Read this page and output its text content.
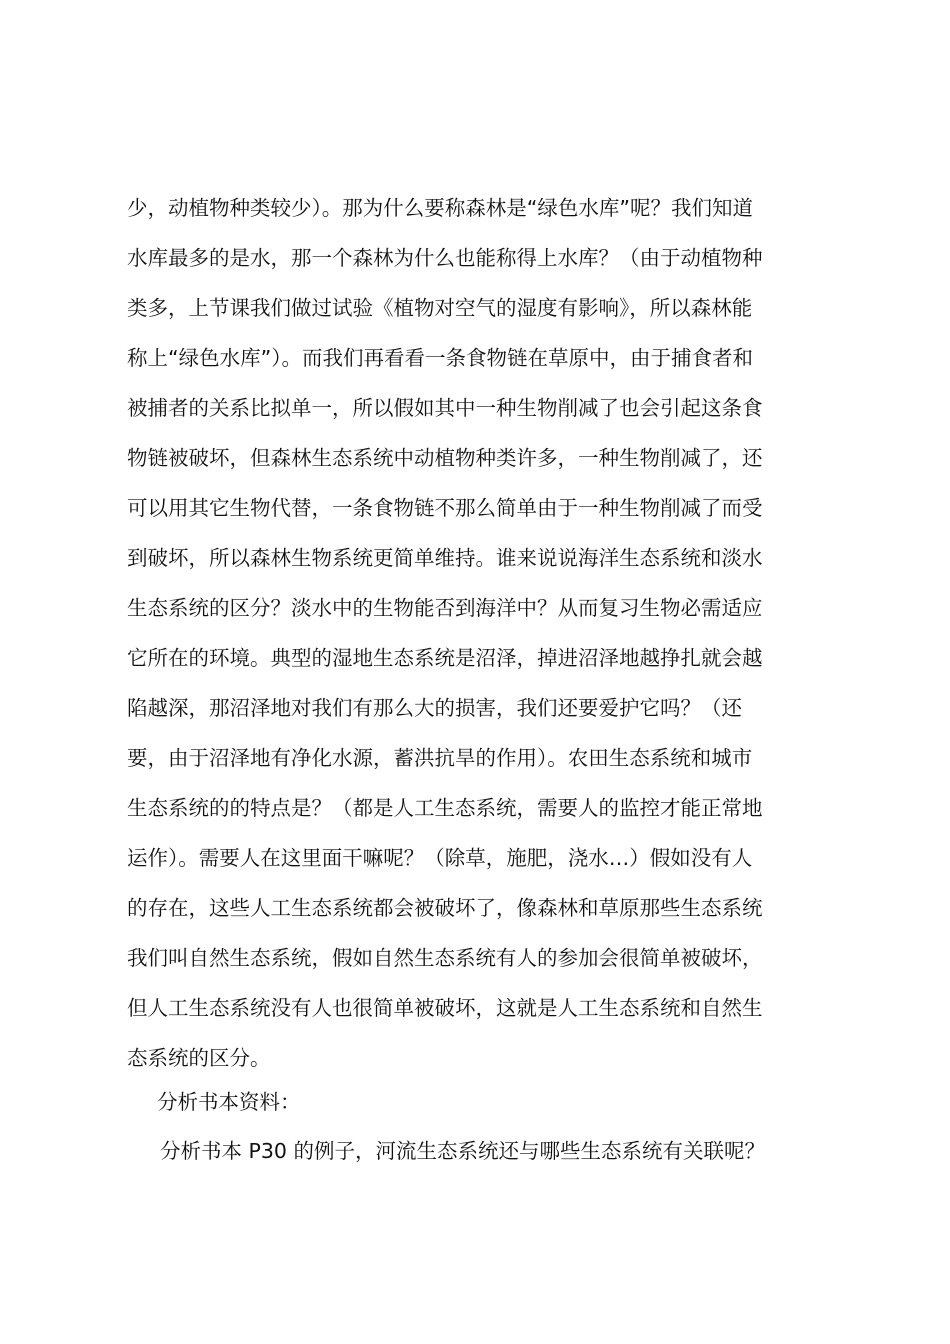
少，动植物种类较少）。那为什么要称森林是“绿色水库”呢？我们知道
水库最多的是水，那一个森林为什么也能称得上水库？（由于动植物种
类多，上节课我们做过试验《植物对空气的湿度有影响》，所以森林能
称上“绿色水库”）。而我们再看看一条食物链在草原中，由于捕食者和
被捕者的关系比拟单一，所以假如其中一种生物削减了也会引起这条食
物链被破坏，但森林生态系统中动植物种类许多，一种生物削减了，还
可以用其它生物代替，一条食物链不那么简单由于一种生物削减了而受
到破坏，所以森林生物系统更简单维持。谁来说说海洋生态系统和淡水
生态系统的区分？淡水中的生物能否到海洋中？从而复习生物必需适应
它所在的环境。典型的湿地生态系统是沼泽，掉进沼泽地越挣扎就会越
陷越深，那沼泽地对我们有那么大的损害，我们还要爱护它吗？（还
要，由于沼泽地有净化水源，蓄洪抗旱的作用）。农田生态系统和城市
生态系统的的特点是？（都是人工生态系统，需要人的监控才能正常地
运作）。需要人在这里面干嘛呢？（除草，施肥，浇水…）假如没有人
的存在，这些人工生态系统都会被破坏了，像森林和草原那些生态系统
我们叫自然生态系统，假如自然生态系统有人的参加会很简单被破坏，
但人工生态系统没有人也很简单被破坏，这就是人工生态系统和自然生
态系统的区分。

分析书本资料：

分析书本 P30 的例子，河流生态系统还与哪些生态系统有关联呢？
